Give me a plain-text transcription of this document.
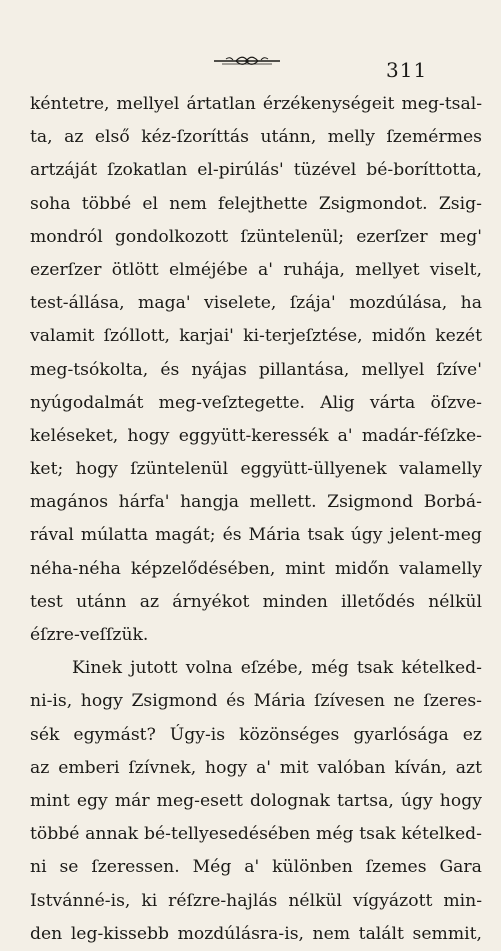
311
kéntetre, mellyel ártatlan érzékenységeit meg-tsal-
ta, az első kéz-ſzoríttás utánn, melly ſzemérmes
artzáját ſzokatlan el-pirúlás' tüzével bé-boríttotta,
soha többé el nem felejthette Zsigmondot. Zsig-
mondról gondolkozott ſzüntelenül; ezerſzer meg'
ezerſzer ötlött elméjébe a' ruhája, mellyet viselt,
test-állása, maga' viselete, ſzája' mozdúlása, ha
valamit ſzóllott, karjai' ki-terjeſztése, midőn kezét
meg-tsókolta, és nyájas pillantása, mellyel ſzíve'
nyúgodalmát meg-veſztegette. Alig várta öſzve-
keléseket, hogy eggyütt-keressék a' madár-féſzke-
ket; hogy ſzüntelenül eggyütt-üllyenek valamelly
magános hárfa' hangja mellett. Zsigmond Borbá-
rával múlatta magát; és Mária tsak úgy jelent-meg
néha-néha képzelődésében, mint midőn valamelly
test utánn az árnyékot minden illetődés nélkül
éſzre-veſſzük.
Kinek jutott volna eſzébe, még tsak kételked-
ni-is, hogy Zsigmond és Mária ſzívesen ne ſzeres-
sék egymást? Úgy-is közönséges gyarlósága ez
az emberi ſzívnek, hogy a' mit valóban kíván, azt
mint egy már meg-esett dolognak tartsa, úgy hogy
többé annak bé-tellyesedésében még tsak kételked-
ni se ſzeressen. Még a' különben ſzemes Gara
Istvánné-is, ki réſzre-hajlás nélkül vígyázott min-
den leg-kissebb mozdúlásra-is, nem talált semmit,
